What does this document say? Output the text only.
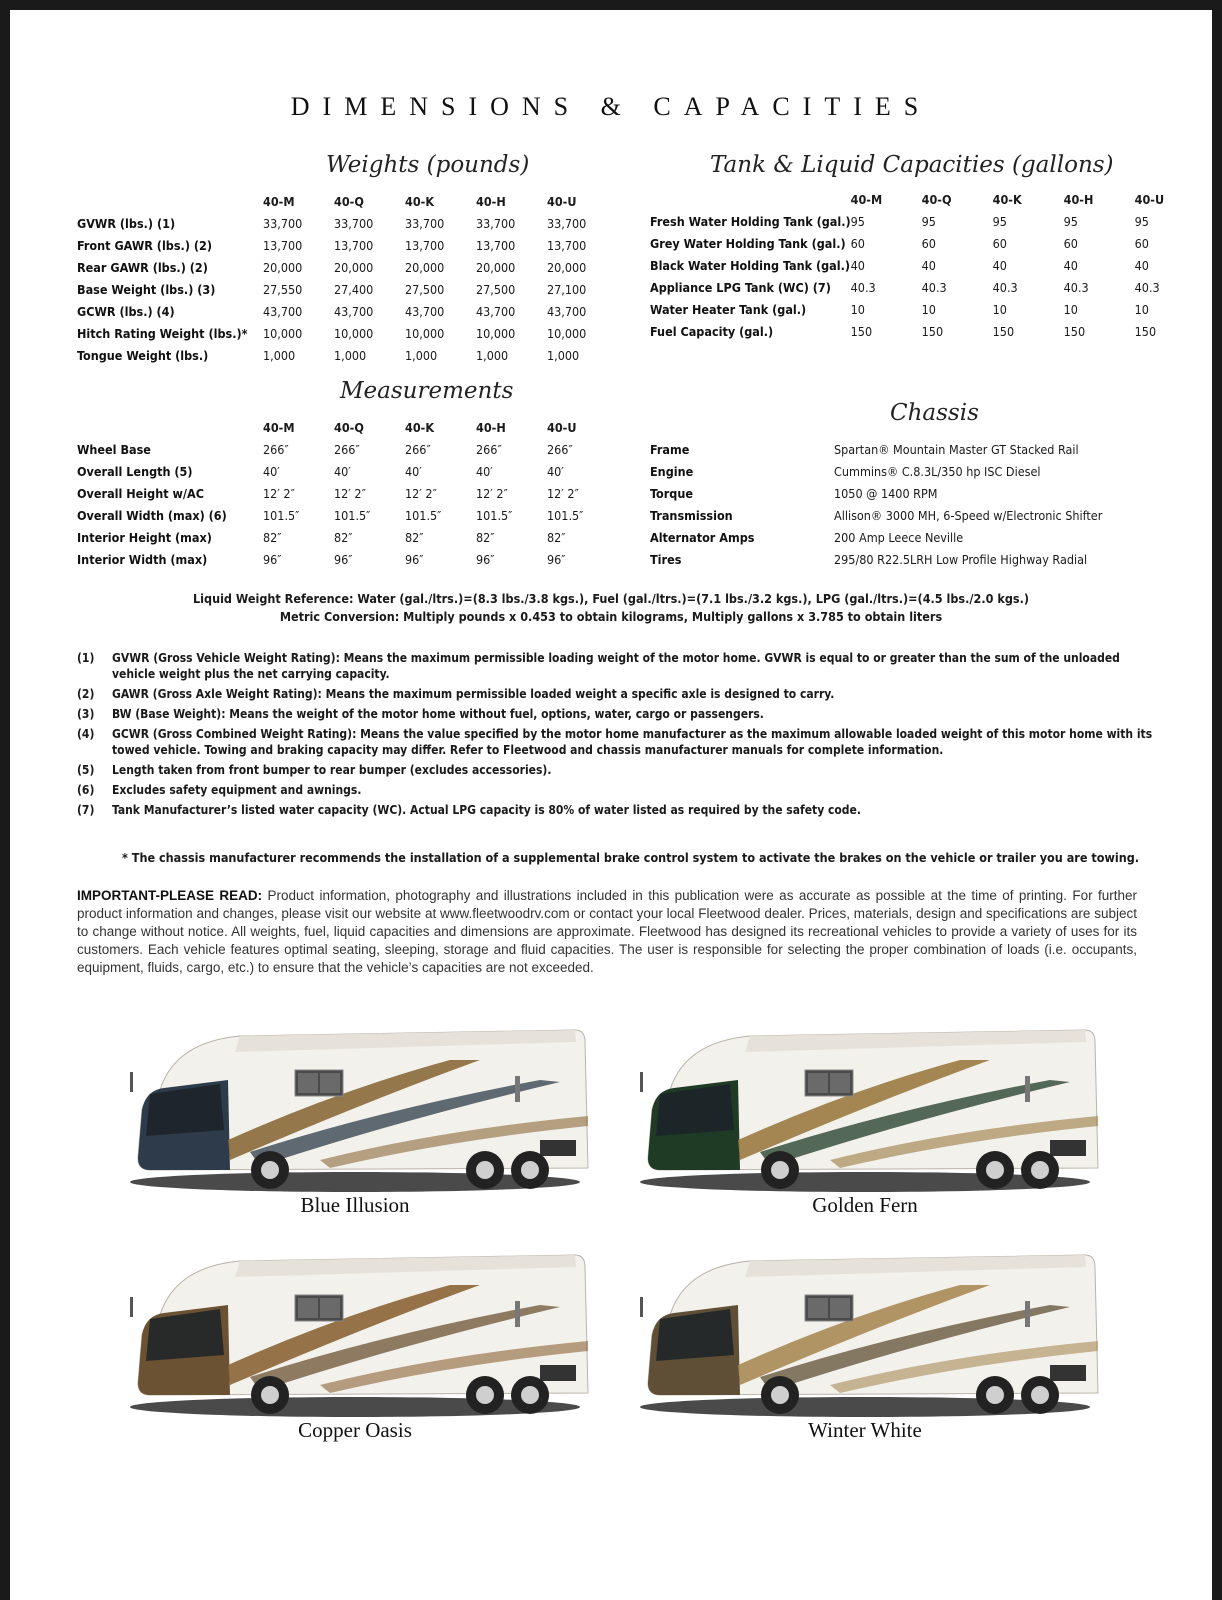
DIMENSIONS & CAPACITIES
Weights (pounds)
	40-M	40-Q	40-K	40-H	40-U
GVWR (lbs.) (1)	33,700	33,700	33,700	33,700	33,700
Front GAWR (lbs.) (2)	13,700	13,700	13,700	13,700	13,700
Rear GAWR (lbs.) (2)	20,000	20,000	20,000	20,000	20,000
Base Weight (lbs.) (3)	27,550	27,400	27,500	27,500	27,100
GCWR (lbs.) (4)	43,700	43,700	43,700	43,700	43,700
Hitch Rating Weight (lbs.)*	10,000	10,000	10,000	10,000	10,000
Tongue Weight (lbs.)	1,000	1,000	1,000	1,000	1,000
Tank & Liquid Capacities (gallons)
	40-M	40-Q	40-K	40-H	40-U
Fresh Water Holding Tank (gal.)	95	95	95	95	95
Grey Water Holding Tank (gal.)	60	60	60	60	60
Black Water Holding Tank (gal.)	40	40	40	40	40
Appliance LPG Tank (WC) (7)	40.3	40.3	40.3	40.3	40.3
Water Heater Tank (gal.)	10	10	10	10	10
Fuel Capacity (gal.)	150	150	150	150	150
Measurements
	40-M	40-Q	40-K	40-H	40-U
Wheel Base	266″	266″	266″	266″	266″
Overall Length (5)	40′	40′	40′	40′	40′
Overall Height w/AC	12′ 2″	12′ 2″	12′ 2″	12′ 2″	12′ 2″
Overall Width (max) (6)	101.5″	101.5″	101.5″	101.5″	101.5″
Interior Height (max)	82″	82″	82″	82″	82″
Interior Width (max)	96″	96″	96″	96″	96″
Chassis
Frame	Spartan® Mountain Master GT Stacked Rail
Engine	Cummins® C.8.3L/350 hp ISC Diesel
Torque	1050 @ 1400 RPM
Transmission	Allison® 3000 MH, 6-Speed w/Electronic Shifter
Alternator Amps	200 Amp Leece Neville
Tires	295/80 R22.5LRH Low Profile Highway Radial
Liquid Weight Reference: Water (gal./ltrs.)=(8.3 lbs./3.8 kgs.), Fuel (gal./ltrs.)=(7.1 lbs./3.2 kgs.), LPG (gal./ltrs.)=(4.5 lbs./2.0 kgs.)
Metric Conversion: Multiply pounds x 0.453 to obtain kilograms, Multiply gallons x 3.785 to obtain liters
(1)	GVWR (Gross Vehicle Weight Rating): Means the maximum permissible loading weight of the motor home. GVWR is equal to or greater than the sum of the unloaded vehicle weight plus the net carrying capacity.
(2)	GAWR (Gross Axle Weight Rating): Means the maximum permissible loaded weight a specific axle is designed to carry.
(3)	BW (Base Weight): Means the weight of the motor home without fuel, options, water, cargo or passengers.
(4)	GCWR (Gross Combined Weight Rating): Means the value specified by the motor home manufacturer as the maximum allowable loaded weight of this motor home with its towed vehicle. Towing and braking capacity may differ. Refer to Fleetwood and chassis manufacturer manuals for complete information.
(5)	Length taken from front bumper to rear bumper (excludes accessories).
(6)	Excludes safety equipment and awnings.
(7)	Tank Manufacturer’s listed water capacity (WC). Actual LPG capacity is 80% of water listed as required by the safety code.
* The chassis manufacturer recommends the installation of a supplemental brake control system to activate the brakes on the vehicle or trailer you are towing.
IMPORTANT-PLEASE READ: Product information, photography and illustrations included in this publication were as accurate as possible at the time of printing. For further product information and changes, please visit our website at www.fleetwoodrv.com or contact your local Fleetwood dealer. Prices, materials, design and specifications are subject to change without notice. All weights, fuel, liquid capacities and dimensions are approximate. Fleetwood has designed its recreational vehicles to provide a variety of uses for its customers. Each vehicle features optimal seating, sleeping, storage and fluid capacities. The user is responsible for selecting the proper combination of loads (i.e. occupants, equipment, fluids, cargo, etc.) to ensure that the vehicle’s capacities are not exceeded.
Blue Illusion	Golden Fern
Copper Oasis	Winter White
